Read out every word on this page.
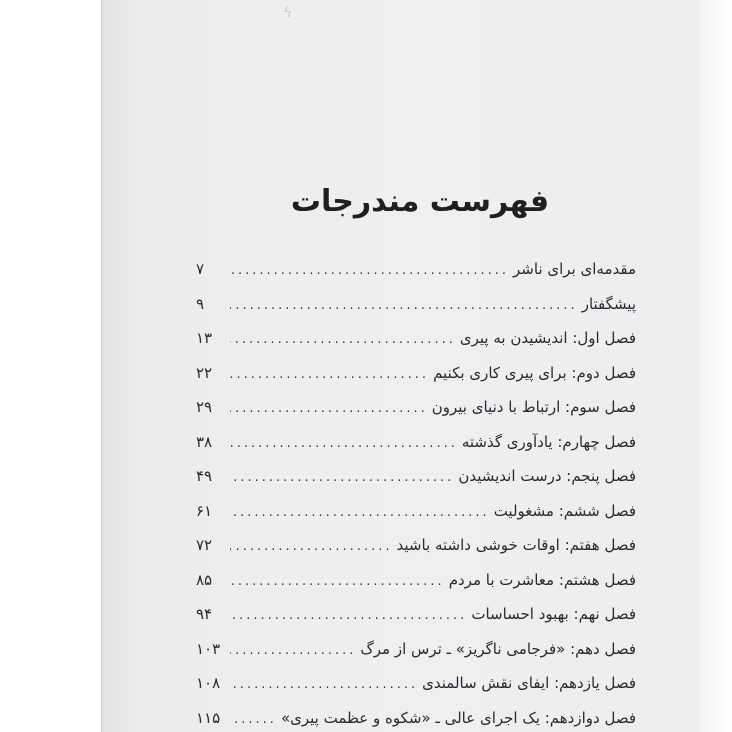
ϟ
فهرست مندرجات
مقدمه‌ای برای ناشر
.....
۷
پیشگفتار
.....
۹
فصل اول: اندیشیدن به پیری
.....
۱۳
فصل دوم: برای پیری کاری بکنیم
.....
۲۲
فصل سوم: ارتباط با دنیای بیرون
.....
۲۹
فصل چهارم: یادآوری گذشته
.....
۳۸
فصل پنجم: درست اندیشیدن
.....
۴۹
فصل ششم: مشغولیت
.....
۶۱
فصل هفتم: اوقات خوشی داشته باشید
.....
۷۲
فصل هشتم: معاشرت با مردم
.....
۸۵
فصل نهم: بهبود احساسات
.....
۹۴
فصل دهم: «فرجامی ناگریز» ـ ترس از مرگ
.....
۱۰۳
فصل یازدهم: ایفای نقش سالمندی
.....
۱۰۸
فصل دوازدهم: یک اجرای عالی ـ «شکوه و عظمت پیری»
.....
۱۱۵
